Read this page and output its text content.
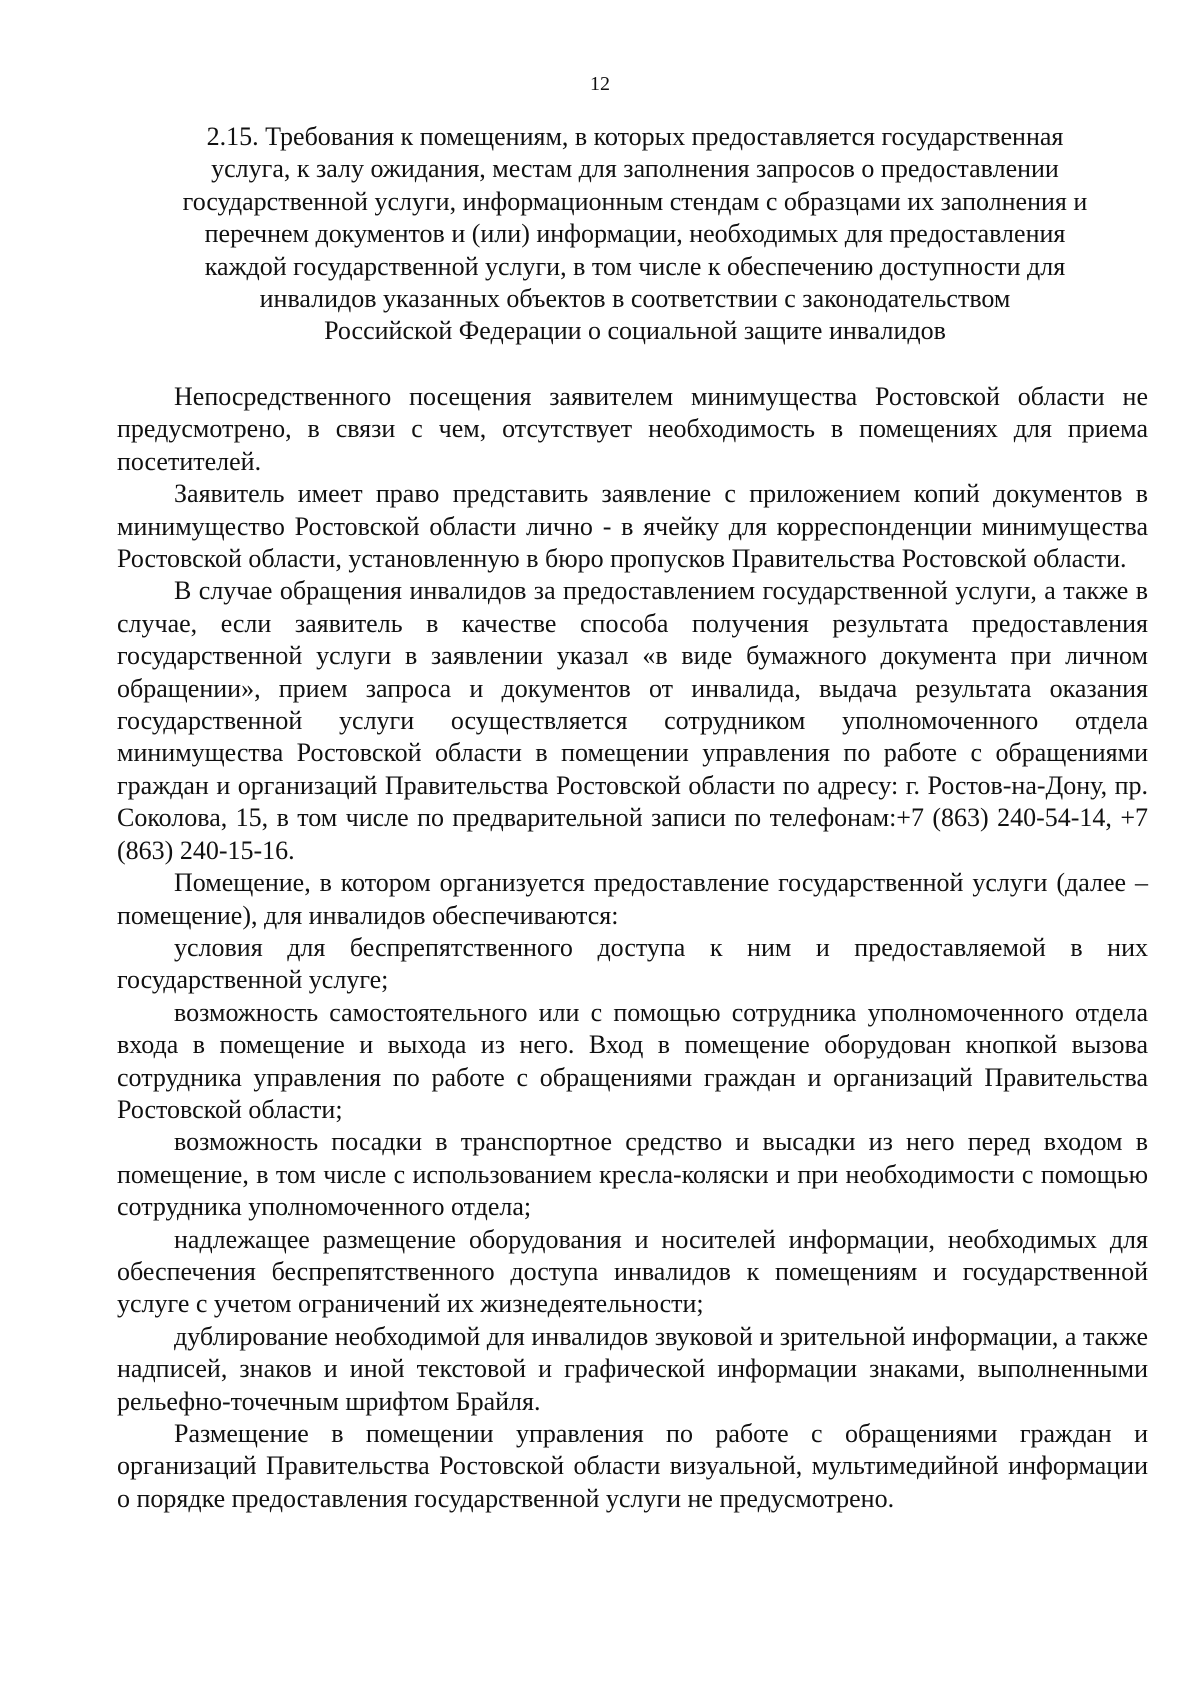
12
2.15. Требования к помещениям, в которых предоставляется государственная
услуга, к залу ожидания, местам для заполнения запросов о предоставлении
государственной услуги, информационным стендам с образцами их заполнения и
перечнем документов и (или) информации, необходимых для предоставления
каждой государственной услуги, в том числе к обеспечению доступности для
инвалидов указанных объектов в соответствии с законодательством
Российской Федерации о социальной защите инвалидов

Непосредственного посещения заявителем минимущества Ростовской области не предусмотрено, в связи с чем, отсутствует необходимость в помещениях для приема посетителей.

Заявитель имеет право представить заявление с приложением копий документов в минимущество Ростовской области лично - в ячейку для корреспонденции минимущества Ростовской области, установленную в бюро пропусков Правительства Ростовской области.

В случае обращения инвалидов за предоставлением государственной услуги, а также в случае, если заявитель в качестве способа получения результата предоставления государственной услуги в заявлении указал «в виде бумажного документа при личном обращении», прием запроса и документов от инвалида, выдача результата оказания государственной услуги осуществляется сотрудником уполномоченного отдела минимущества Ростовской области в помещении управления по работе с обращениями граждан и организаций Правительства Ростовской области по адресу: г. Ростов-на-Дону, пр. Соколова, 15, в том числе по предварительной записи по телефонам:+7 (863) 240-54-14, +7 (863) 240-15-16.

Помещение, в котором организуется предоставление государственной услуги (далее – помещение), для инвалидов обеспечиваются:

условия для беспрепятственного доступа к ним и предоставляемой в них государственной услуге;

возможность самостоятельного или с помощью сотрудника уполномоченного отдела входа в помещение и выхода из него. Вход в помещение оборудован кнопкой вызова сотрудника управления по работе с обращениями граждан и организаций Правительства Ростовской области;

возможность посадки в транспортное средство и высадки из него перед входом в помещение, в том числе с использованием кресла-коляски и при необходимости с помощью сотрудника уполномоченного отдела;

надлежащее размещение оборудования и носителей информации, необходимых для обеспечения беспрепятственного доступа инвалидов к помещениям и государственной услуге с учетом ограничений их жизнедеятельности;

дублирование необходимой для инвалидов звуковой и зрительной информации, а также надписей, знаков и иной текстовой и графической информации знаками, выполненными рельефно-точечным шрифтом Брайля.

Размещение в помещении управления по работе с обращениями граждан и организаций Правительства Ростовской области визуальной, мультимедийной информации о порядке предоставления государственной услуги не предусмотрено.
